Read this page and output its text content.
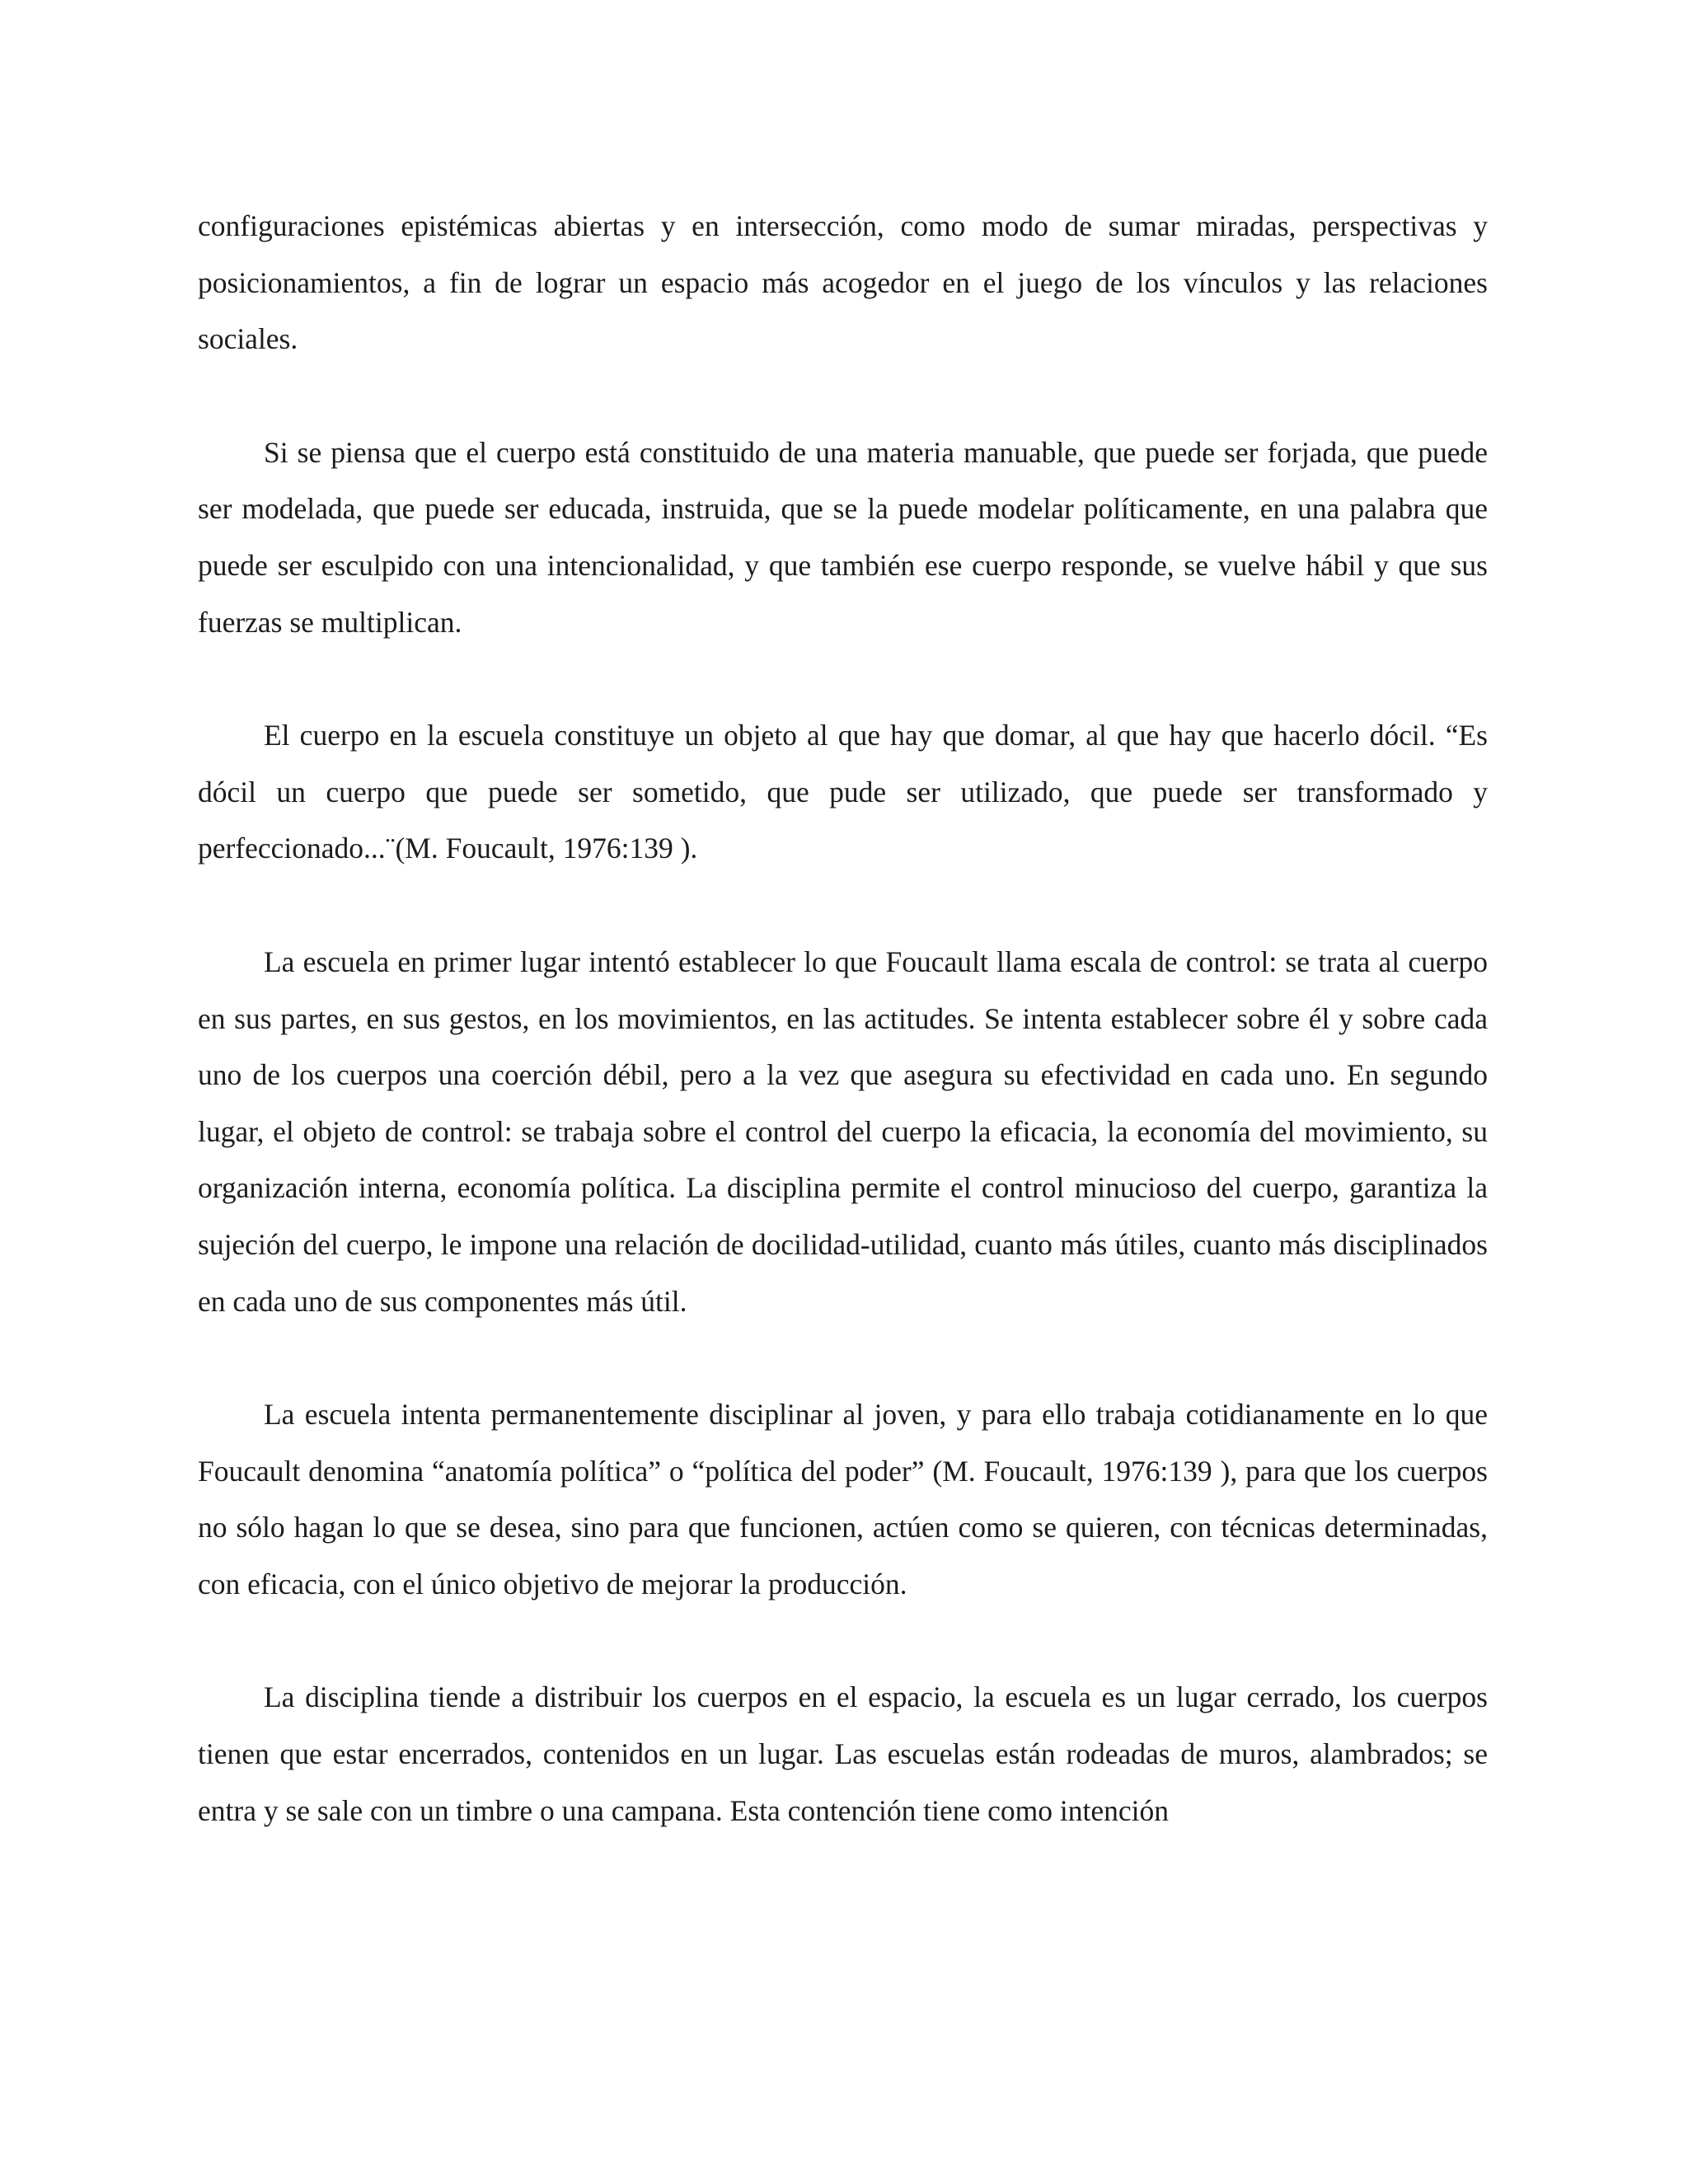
configuraciones epistémicas abiertas y en intersección, como modo de sumar miradas, perspectivas y posicionamientos, a fin de lograr un espacio más acogedor en el juego de los vínculos y las relaciones sociales.

Si se piensa que el cuerpo está constituido de una materia manuable, que puede ser forjada, que puede ser modelada, que puede ser educada, instruida, que se la puede modelar políticamente, en una palabra que puede ser esculpido con una intencionalidad, y que también ese cuerpo responde, se vuelve hábil y que sus fuerzas se multiplican.

El cuerpo en la escuela constituye un objeto al que hay que domar, al que hay que hacerlo dócil. “Es dócil un cuerpo que puede ser sometido, que pude ser utilizado, que puede ser transformado y perfeccionado...¨(M. Foucault, 1976:139 ).

La escuela en primer lugar intentó establecer lo que Foucault llama escala de control: se trata al cuerpo en sus partes, en sus gestos, en los movimientos, en las actitudes. Se intenta establecer sobre él y sobre cada uno de los cuerpos una coerción débil, pero a la vez que asegura su efectividad en cada uno. En segundo lugar, el objeto de control: se trabaja sobre el control del cuerpo la eficacia, la economía del movimiento, su organización interna, economía política. La disciplina permite el control minucioso del cuerpo, garantiza la sujeción del cuerpo, le impone una relación de docilidad-utilidad, cuanto más útiles, cuanto más disciplinados en cada uno de sus componentes más útil.

La escuela intenta permanentemente disciplinar al joven, y para ello trabaja cotidianamente en lo que Foucault denomina “anatomía política” o “política del poder” (M. Foucault, 1976:139 ), para que los cuerpos no sólo hagan lo que se desea, sino para que funcionen, actúen como se quieren, con técnicas determinadas, con eficacia, con el único objetivo de mejorar la producción.

La disciplina tiende a distribuir los cuerpos en el espacio, la escuela es un lugar cerrado, los cuerpos tienen que estar encerrados, contenidos en un lugar. Las escuelas están rodeadas de muros, alambrados; se entra y se sale con un timbre o una campana. Esta contención tiene como intención
